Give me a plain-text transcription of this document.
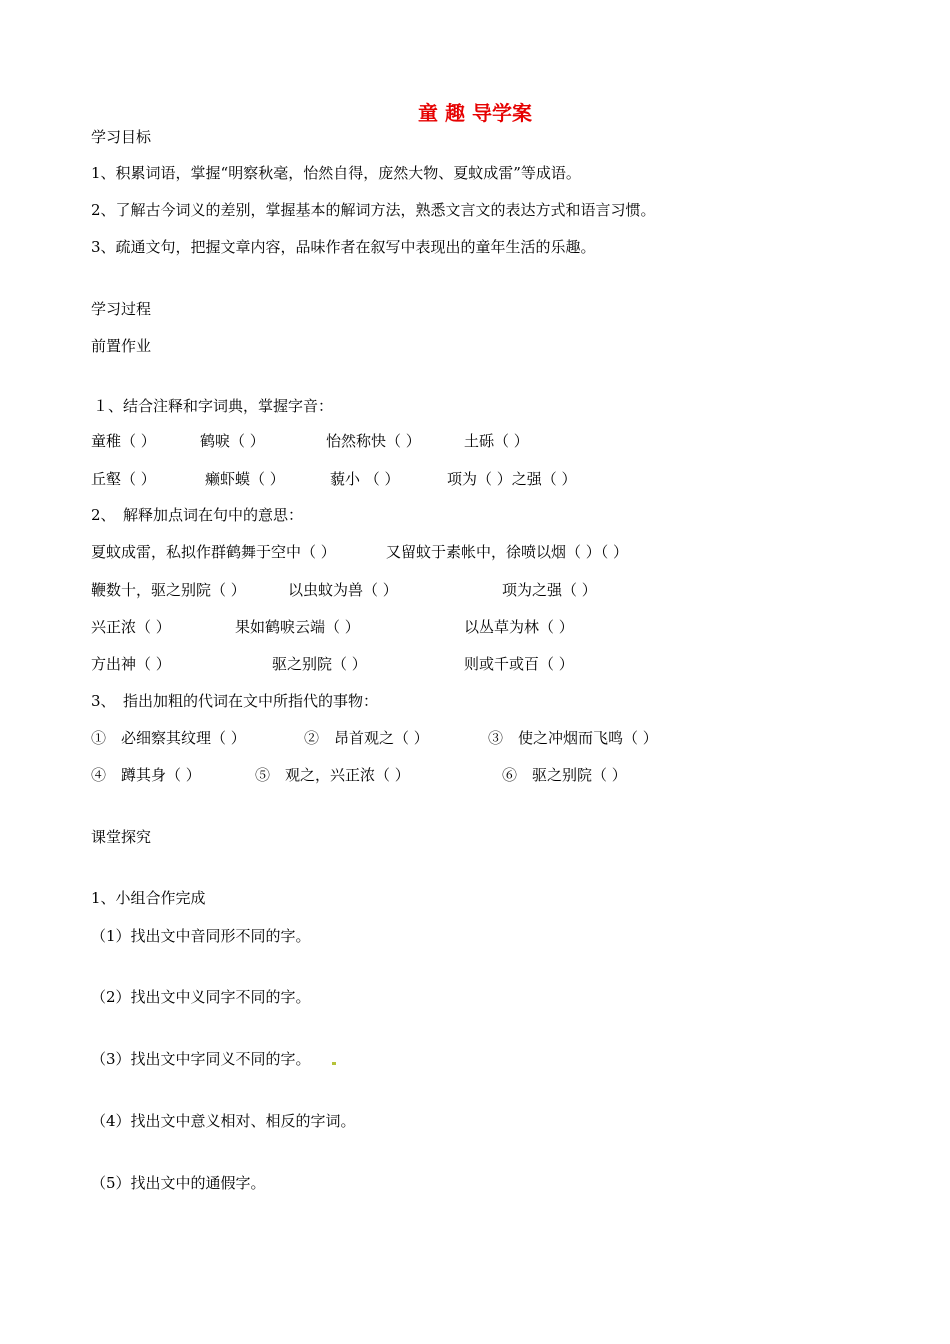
童 趣 导学案
学习目标
1、积累词语，掌握“明察秋毫，怡然自得，庞然大物、夏蚊成雷”等成语。
2、了解古今词义的差别，掌握基本的解词方法，熟悉文言文的表达方式和语言习惯。
3、疏通文句，把握文章内容，品味作者在叙写中表现出的童年生活的乐趣。
学习过程
前置作业
１、结合注释和字词典，掌握字音：
童稚（ ）	鹤唳（ ）	怡然称快（ ）	土砾（ ）
丘壑（ ）	癞虾蟆（ ）	藐小 （ ）	项为（ ）之强（ ）
2、　解释加点词在句中的意思：
夏蚊成雷，私拟作群鹤舞于空中（ ）	又留蚊于素帐中，徐喷以烟（ ）（ ）
鞭数十，驱之别院（ ）	以虫蚊为兽（ ）	项为之强（ ）
兴正浓（ ）	果如鹤唳云端（ ）	以丛草为林（ ）
方出神（ ）	驱之别院（ ）	则或千或百（ ）
3、　指出加粗的代词在文中所指代的事物：
①　必细察其纹理（ ）	②　昂首观之（ ）	③　使之冲烟而飞鸣（ ）
④　蹲其身（ ）	⑤　观之，兴正浓（ ）	⑥　驱之别院（ ）
课堂探究
1、小组合作完成
（1）找出文中音同形不同的字。
（2）找出文中义同字不同的字。
（3）找出文中字同义不同的字。
（4）找出文中意义相对、相反的字词。
（5）找出文中的通假字。
